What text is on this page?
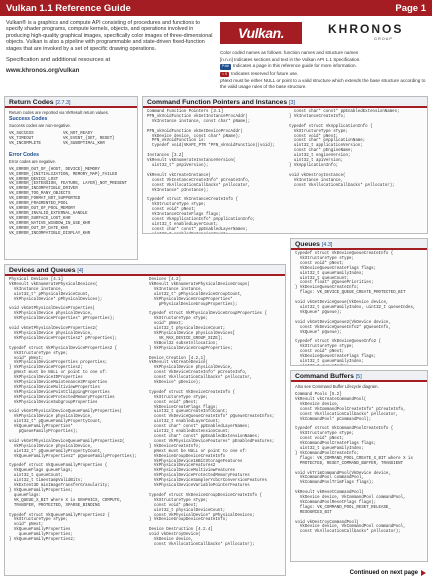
Vulkan 1.1 Reference Guide	Page 1

Vulkan® is a graphics and compute API consisting of procedures and functions to specify shader programs, compute kernels, objects, and operations involved in producing high-quality graphical images, specifically color images of three-dimensional objects. Vulkan is also a pipeline with programmable and state-driven fixed-function stages that are invoked by a set of specific drawing operations.

Specification and additional resources at

www.khronos.org/vulkan

Vulkan.	KHRONOS
GROUP
Color coded names as follows: function names and structure names
[n.n.n] Indicates sections and text in the Vulkan API 1.1 Specification.
P.## Indicates a page in this reference guide for more information.
= 0 Indicates reserved for future use.
pNext must be either NULL or point to a valid structure which extends the base structure according to the valid usage rules of the base structure.
Return Codes [2.7.3]
Return codes are reported via VkResult return values.
Success Codes
Success codes are non-negative.
VK_SUCCESS            VK_NOT_READY
VK_TIMEOUT            VK_EVENT_{SET, RESET}
VK_INCOMPLETE         VK_SUBOPTIMAL_KHR
Error Codes
Error codes are negative.
VK_ERROR_OUT_OF_{HOST, DEVICE}_MEMORY
VK_ERROR_{INITIALIZATION, MEMORY_MAP}_FAILED
VK_ERROR_DEVICE_LOST
VK_ERROR_{EXTENSION, FEATURE, LAYER}_NOT_PRESENT
VK_ERROR_INCOMPATIBLE_DRIVER
VK_ERROR_TOO_MANY_OBJECTS
VK_ERROR_FORMAT_NOT_SUPPORTED
VK_ERROR_FRAGMENTED_POOL
VK_ERROR_OUT_OF_POOL_MEMORY
VK_ERROR_INVALID_EXTERNAL_HANDLE
VK_ERROR_SURFACE_LOST_KHR
VK_ERROR_NATIVE_WINDOW_IN_USE_KHR
VK_ERROR_OUT_OF_DATE_KHR
VK_ERROR_INCOMPATIBLE_DISPLAY_KHR
Command Function Pointers and Instances [3]
Command Function Pointers [3.1]
PFN_vkVoidFunction vkGetInstanceProcAddr(
VkInstance instance, const char* pName);

PFN_vkVoidFunction vkGetDeviceProcAddr(
VkDevice device, const char* pName);
PFN_vkVoidFunction is:
typedef void(VKAPI_PTR *PFN_vkVoidFunction)(void);

Instances [3.2]
VkResult vkEnumerateInstanceVersion(
uint32_t* pApiVersion);

VkResult vkCreateInstance(
const VkInstanceCreateInfo* pCreateInfo,
const VkAllocationCallbacks* pAllocator,
VkInstance* pInstance);

typedef struct VkInstanceCreateInfo {
VkStructureType sType;
const void* pNext;
VkInstanceCreateFlags flags;
const VkApplicationInfo* pApplicationInfo;
uint32_t enabledLayerCount;
const char* const* ppEnabledLayerNames;

const char* const* ppEnabledExtensionNames;
} VkInstanceCreateInfo;

typedef struct VkApplicationInfo {
VkStructureType sType;
const void* pNext;
const char* pApplicationName;
uint32_t applicationVersion;
const char* pEngineName;
uint32_t engineVersion;
uint32_t apiVersion;
} VkApplicationInfo;

void vkDestroyInstance(
VkInstance instance,
const VkAllocationCallbacks* pAllocator);
Queues [4.3]
typedef struct VkDeviceQueueCreateInfo {
VkStructureType sType;
const void* pNext;
VkDeviceQueueCreateFlags flags;
uint32_t queueFamilyIndex;
uint32_t queueCount;
const float* pQueuePriorities;
} VkDeviceQueueCreateInfo;
flags: VK_DEVICE_QUEUE_CREATE_PROTECTED_BIT

void vkGetDeviceQueue(VkDevice device,
uint32_t queueFamilyIndex, uint32_t queueIndex,
VkQueue* pQueue);

void vkGetDeviceQueue2(VkDevice device,
const VkDeviceQueueInfo2* pQueueInfo,
VkQueue* pQueue);

typedef struct VkDeviceQueueInfo2 {
VkStructureType sType;
const void* pNext;
VkDeviceQueueCreateFlags flags;
uint32_t queueFamilyIndex;

Devices and Queues [4]
Physical Devices [4.1]
VkResult vkEnumeratePhysicalDevices(
VkInstance instance,
uint32_t* pPhysicalDeviceCount,
VkPhysicalDevice* pPhysicalDevices);

void vkGetPhysicalDeviceProperties(
VkPhysicalDevice physicalDevice,
VkPhysicalDeviceProperties* pProperties);

void vkGetPhysicalDeviceProperties2(
VkPhysicalDevice physicalDevice,
VkPhysicalDeviceProperties2* pProperties);

typedef struct VkPhysicalDeviceProperties2 {
VkStructureType sType;
void* pNext;
VkPhysicalDeviceProperties properties;
} VkPhysicalDeviceProperties2;
pNext must be NULL or point to one of:
VkPhysicalDeviceIDProperties
VkPhysicalDeviceMaintenance3Properties
VkPhysicalDeviceMultiviewProperties
VkPhysicalDevicePointClippingProperties
VkPhysicalDeviceProtectedMemoryProperties
VkPhysicalDeviceSubgroupProperties

void vkGetPhysicalDeviceQueueFamilyProperties(
VkPhysicalDevice physicalDevice,
uint32_t* pQueueFamilyPropertyCount,
VkQueueFamilyProperties*
pQueueFamilyProperties);

void vkGetPhysicalDeviceQueueFamilyProperties2(
VkPhysicalDevice physicalDevice,
uint32_t* pQueueFamilyPropertyCount,
VkQueueFamilyProperties2* pQueueFamilyProperties);

typedef struct VkQueueFamilyProperties {
VkQueueFlags queueFlags;
uint32_t queueCount;
uint32_t timestampValidBits;
VkExtent3D minImageTransferGranularity;
} VkQueueFamilyProperties;
queueFlags:
VK_QUEUE_X_BIT where X is GRAPHICS, COMPUTE,
TRANSFER, PROTECTED, SPARSE_BINDING

typedef struct VkQueueFamilyProperties2 {
VkStructureType sType;
void* pNext;
VkQueueFamilyProperties
queueFamilyProperties;
} VkQueueFamilyProperties2;
Devices [4.2]
VkResult vkEnumeratePhysicalDeviceGroups(
VkInstance instance,
uint32_t* pPhysicalDeviceGroupCount,
VkPhysicalDeviceGroupProperties*
pPhysicalDeviceGroupProperties);

typedef struct VkPhysicalDeviceGroupProperties {
VkStructureType sType;
void* pNext;
uint32_t physicalDeviceCount;
VkPhysicalDevice physicalDevices[
VK_MAX_DEVICE_GROUP_SIZE];
VkBool32 subsetAllocation;
} VkPhysicalDeviceGroupProperties;

Device Creation [4.2.1]
VkResult vkCreateDevice(
VkPhysicalDevice physicalDevice,
const VkDeviceCreateInfo* pCreateInfo,
const VkAllocationCallbacks* pAllocator,
VkDevice* pDevice);

typedef struct VkDeviceCreateInfo {
VkStructureType sType;
const void* pNext;
VkDeviceCreateFlags flags;
uint32_t queueCreateInfoCount;
const VkDeviceQueueCreateInfo* pQueueCreateInfos;
uint32_t enabledLayerCount;
const char* const* ppEnabledLayerNames;
uint32_t enabledExtensionCount;
const char* const* ppEnabledExtensionNames;
const VkPhysicalDeviceFeatures* pEnabledFeatures;
} VkDeviceCreateInfo;
pNext must be NULL or point to one of:
VkDeviceGroupDeviceCreateInfo
VkPhysicalDevice16BitStorageFeatures
VkPhysicalDeviceFeatures2
VkPhysicalDeviceMultiviewFeatures
VkPhysicalDeviceProtectedMemoryFeatures
VkPhysicalDeviceSamplerYcbcrConversionFeatures
VkPhysicalDeviceVariablePointerFeatures

typedef struct VkDeviceGroupDeviceCreateInfo {
VkStructureType sType;
const void* pNext;
uint32_t physicalDeviceCount;
const VkPhysicalDevice* pPhysicalDevices;
} VkDeviceGroupDeviceCreateInfo;

Device Destruction [4.2.4]
void vkDestroyDevice(
VkDevice device,
const VkAllocationCallbacks* pAllocator);
Command Buffers [5]
Also see Command Buffer Lifecycle diagram.
Command Pools [5.2]
VkResult vkCreateCommandPool(
VkDevice device,
const VkCommandPoolCreateInfo* pCreateInfo,
const VkAllocationCallbacks* pAllocator,
VkCommandPool* pCommandPool);

typedef struct VkCommandPoolCreateInfo {
VkStructureType sType;
const void* pNext;
VkCommandPoolCreateFlags flags;
uint32_t queueFamilyIndex;
} VkCommandPoolCreateInfo;
flags: VK_COMMAND_POOL_CREATE_X_BIT where X is
PROTECTED, RESET_COMMAND_BUFFER, TRANSIENT

void vkTrimCommandPool(VkDevice device,
VkCommandPool commandPool,
VkCommandPoolTrimFlags flags);

VkResult vkResetCommandPool(
VkDevice device, VkCommandPool commandPool,
VkCommandPoolResetFlags flags);
flags: VK_COMMAND_POOL_RESET_RELEASE_
RESOURCES_BIT

void vkDestroyCommandPool(
VkDevice device, VkCommandPool commandPool,
const VkAllocationCallbacks* pAllocator);
Continued on next page
